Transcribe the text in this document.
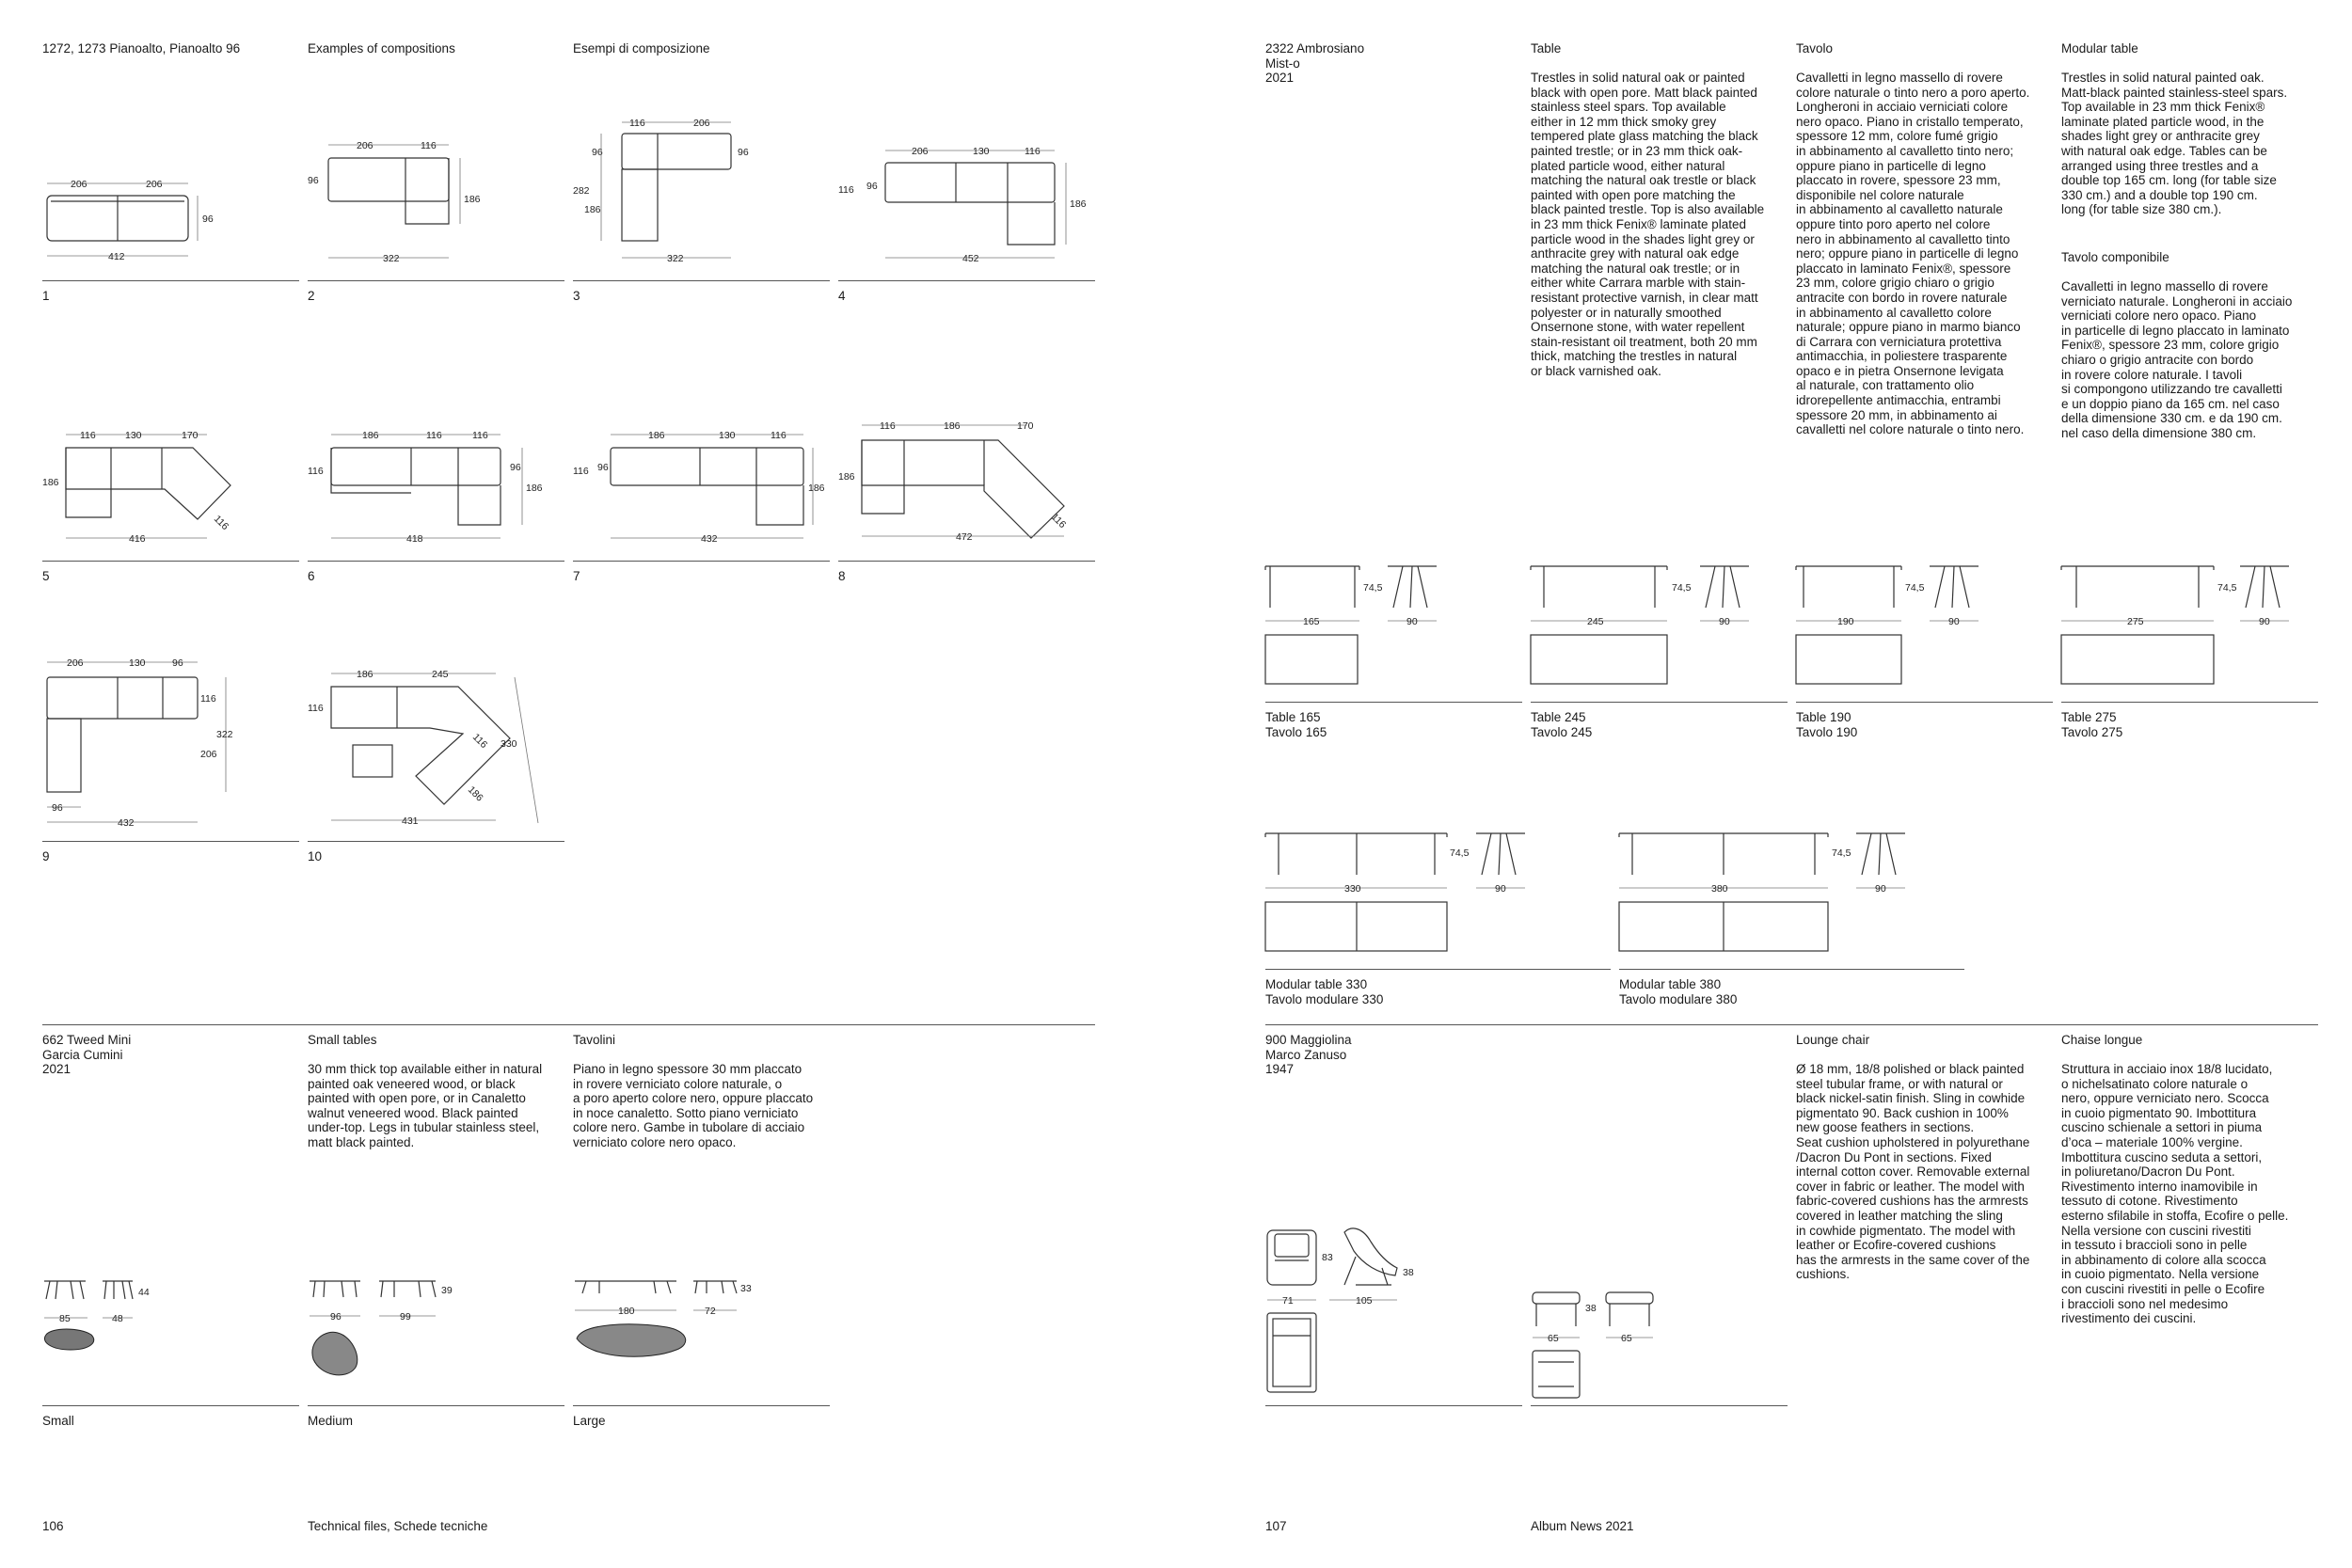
1272, 1273 Pianoalto, Pianoalto 96	Examples of compositions	Esempi di composizione
1	2	3	4
5	6	7	8
9	10
206	206
96
412
206	116
96
186
322
116	206
96	96
282
186
322
206	130	116
116 96
186
452
116	130	170
186
416
116
186	116	116
116	96
186
418
186	130	116
116 96
186
432
116	186	170
186
472
116
206	130	96
116
322
206
96
432
186	245
116
116 330
186
431
662 Tweed Mini
Garcia Cumini
2021
Small tables
30 mm thick top available either in natural
painted oak veneered wood, or black
painted with open pore, or in Canaletto
walnut veneered wood. Black painted
under-top. Legs in tubular stainless steel,
matt black painted.
Tavolini
Piano in legno spessore 30 mm placcato
in rovere verniciato colore naturale, o
a poro aperto colore nero, oppure placcato
in noce canaletto. Sotto piano verniciato
colore nero. Gambe in tubolare di acciaio
verniciato colore nero opaco.
44
85	48
Small
39
96	99
Medium
33
180	72
Large
106	Technical files, Schede tecniche
2322 Ambrosiano
Mist-o
2021
Table
Trestles in solid natural oak or painted
black with open pore. Matt black painted
stainless steel spars. Top available
either in 12 mm thick smoky grey
tempered plate glass matching the black
painted trestle; or in 23 mm thick oak-
plated particle wood, either natural
matching the natural oak trestle or black
painted with open pore matching the
black painted trestle. Top is also available
in 23 mm thick Fenix® laminate plated
particle wood in the shades light grey or
anthracite grey with natural oak edge
matching the natural oak trestle; or in
either white Carrara marble with stain-
resistant protective varnish, in clear matt
polyester or in naturally smoothed
Onsernone stone, with water repellent
stain-resistant oil treatment, both 20 mm
thick, matching the trestles in natural
or black varnished oak.
Tavolo
Cavalletti in legno massello di rovere
colore naturale o tinto nero a poro aperto.
Longheroni in acciaio verniciati colore
nero opaco. Piano in cristallo temperato,
spessore 12 mm, colore fumé grigio
in abbinamento al cavalletto tinto nero;
oppure piano in particelle di legno
placcato in rovere, spessore 23 mm,
disponibile nel colore naturale
in abbinamento al cavalletto naturale
oppure tinto poro aperto nel colore
nero in abbinamento al cavalletto tinto
nero; oppure piano in particelle di legno
placcato in laminato Fenix®, spessore
23 mm, colore grigio chiaro o grigio
antracite con bordo in rovere naturale
in abbinamento al cavalletto colore
naturale; oppure piano in marmo bianco
di Carrara con verniciatura protettiva
antimacchia, in poliestere trasparente
opaco e in pietra Onsernone levigata
al naturale, con trattamento olio
idrorepellente antimacchia, entrambi
spessore 20 mm, in abbinamento ai
cavalletti nel colore naturale o tinto nero.
Modular table
Trestles in solid natural painted oak.
Matt-black painted stainless-steel spars.
Top available in 23 mm thick Fenix®
laminate plated particle wood, in the
shades light grey or anthracite grey
with natural oak edge. Tables can be
arranged using three trestles and a
double top 165 cm. long (for table size
330 cm.) and a double top 190 cm.
long (for table size 380 cm.).
Tavolo componibile
Cavalletti in legno massello di rovere
verniciato naturale. Longheroni in acciaio
verniciati colore nero opaco. Piano
in particelle di legno placcato in laminato
Fenix®, spessore 23 mm, colore grigio
chiaro o grigio antracite con bordo
in rovere colore naturale. I tavoli
si compongono utilizzando tre cavalletti
e un doppio piano da 165 cm. nel caso
della dimensione 330 cm. e da 190 cm.
nel caso della dimensione 380 cm.
74,5
165	90
74,5
245	90
74,5
190	90
74,5
275	90
Table 165
Tavolo 165
Table 245
Tavolo 245
Table 190
Tavolo 190
Table 275
Tavolo 275
74,5
330	90
74,5
380	90
Modular table 330
Tavolo modulare 330
Modular table 380
Tavolo modulare 380
900 Maggiolina
Marco Zanuso
1947
Lounge chair
Ø 18 mm, 18/8 polished or black painted
steel tubular frame, or with natural or
black nickel-satin finish. Sling in cowhide
pigmentato 90. Back cushion in 100%
new goose feathers in sections.
Seat cushion upholstered in polyurethane
/Dacron Du Pont in sections. Fixed
internal cotton cover. Removable external
cover in fabric or leather. The model with
fabric-covered cushions has the armrests
covered in leather matching the sling
in cowhide pigmentato. The model with
leather or Ecofire-covered cushions
has the armrests in the same cover of the
cushions.
Chaise longue
Struttura in acciaio inox 18/8 lucidato,
o nichelsatinato colore naturale o
nero, oppure verniciato nero. Scocca
in cuoio pigmentato 90. Imbottitura
cuscino schienale a settori in piuma
d’oca – materiale 100% vergine.
Imbottitura cuscino seduta a settori,
in poliuretano/Dacron Du Pont.
Rivestimento interno inamovibile in
tessuto di cotone. Rivestimento
esterno sfilabile in stoffa, Ecofire o pelle.
Nella versione con cuscini rivestiti
in tessuto i braccioli sono in pelle
in abbinamento di colore alla scocca
in cuoio pigmentato. Nella versione
con cuscini rivestiti in pelle o Ecofire
i braccioli sono nel medesimo
rivestimento dei cuscini.
83
38
71	105
38
65	65
107	Album News 2021
